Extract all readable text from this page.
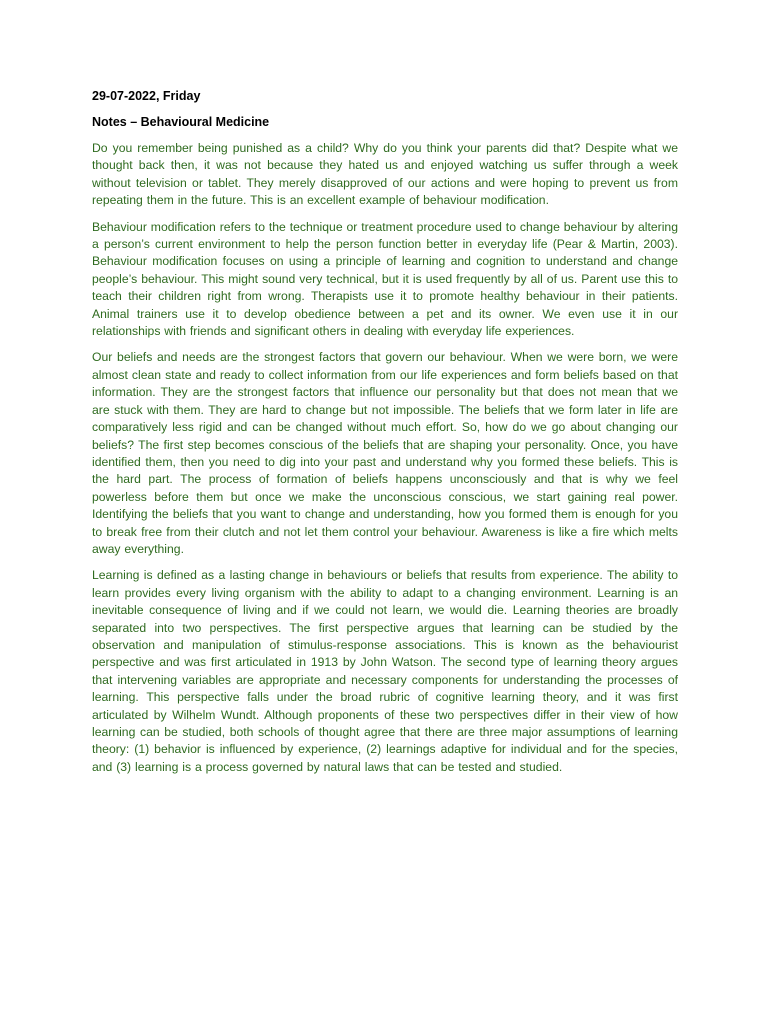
29-07-2022, Friday
Notes – Behavioural Medicine

Do you remember being punished as a child? Why do you think your parents did that? Despite what we thought back then, it was not because they hated us and enjoyed watching us suffer through a week without television or tablet. They merely disapproved of our actions and were hoping to prevent us from repeating them in the future. This is an excellent example of behaviour modification.

Behaviour modification refers to the technique or treatment procedure used to change behaviour by altering a person’s current environment to help the person function better in everyday life (Pear & Martin, 2003). Behaviour modification focuses on using a principle of learning and cognition to understand and change people’s behaviour. This might sound very technical, but it is used frequently by all of us. Parent use this to teach their children right from wrong. Therapists use it to promote healthy behaviour in their patients. Animal trainers use it to develop obedience between a pet and its owner. We even use it in our relationships with friends and significant others in dealing with everyday life experiences.

Our beliefs and needs are the strongest factors that govern our behaviour. When we were born, we were almost clean state and ready to collect information from our life experiences and form beliefs based on that information. They are the strongest factors that influence our personality but that does not mean that we are stuck with them. They are hard to change but not impossible. The beliefs that we form later in life are comparatively less rigid and can be changed without much effort. So, how do we go about changing our beliefs? The first step becomes conscious of the beliefs that are shaping your personality. Once, you have identified them, then you need to dig into your past and understand why you formed these beliefs. This is the hard part. The process of formation of beliefs happens unconsciously and that is why we feel powerless before them but once we make the unconscious conscious, we start gaining real power. Identifying the beliefs that you want to change and understanding, how you formed them is enough for you to break free from their clutch and not let them control your behaviour. Awareness is like a fire which melts away everything.

Learning is defined as a lasting change in behaviours or beliefs that results from experience. The ability to learn provides every living organism with the ability to adapt to a changing environment. Learning is an inevitable consequence of living and if we could not learn, we would die. Learning theories are broadly separated into two perspectives. The first perspective argues that learning can be studied by the observation and manipulation of stimulus-response associations. This is known as the behaviourist perspective and was first articulated in 1913 by John Watson. The second type of learning theory argues that intervening variables are appropriate and necessary components for understanding the processes of learning. This perspective falls under the broad rubric of cognitive learning theory, and it was first articulated by Wilhelm Wundt. Although proponents of these two perspectives differ in their view of how learning can be studied, both schools of thought agree that there are three major assumptions of learning theory: (1) behavior is influenced by experience, (2) learnings adaptive for individual and for the species, and (3) learning is a process governed by natural laws that can be tested and studied.
